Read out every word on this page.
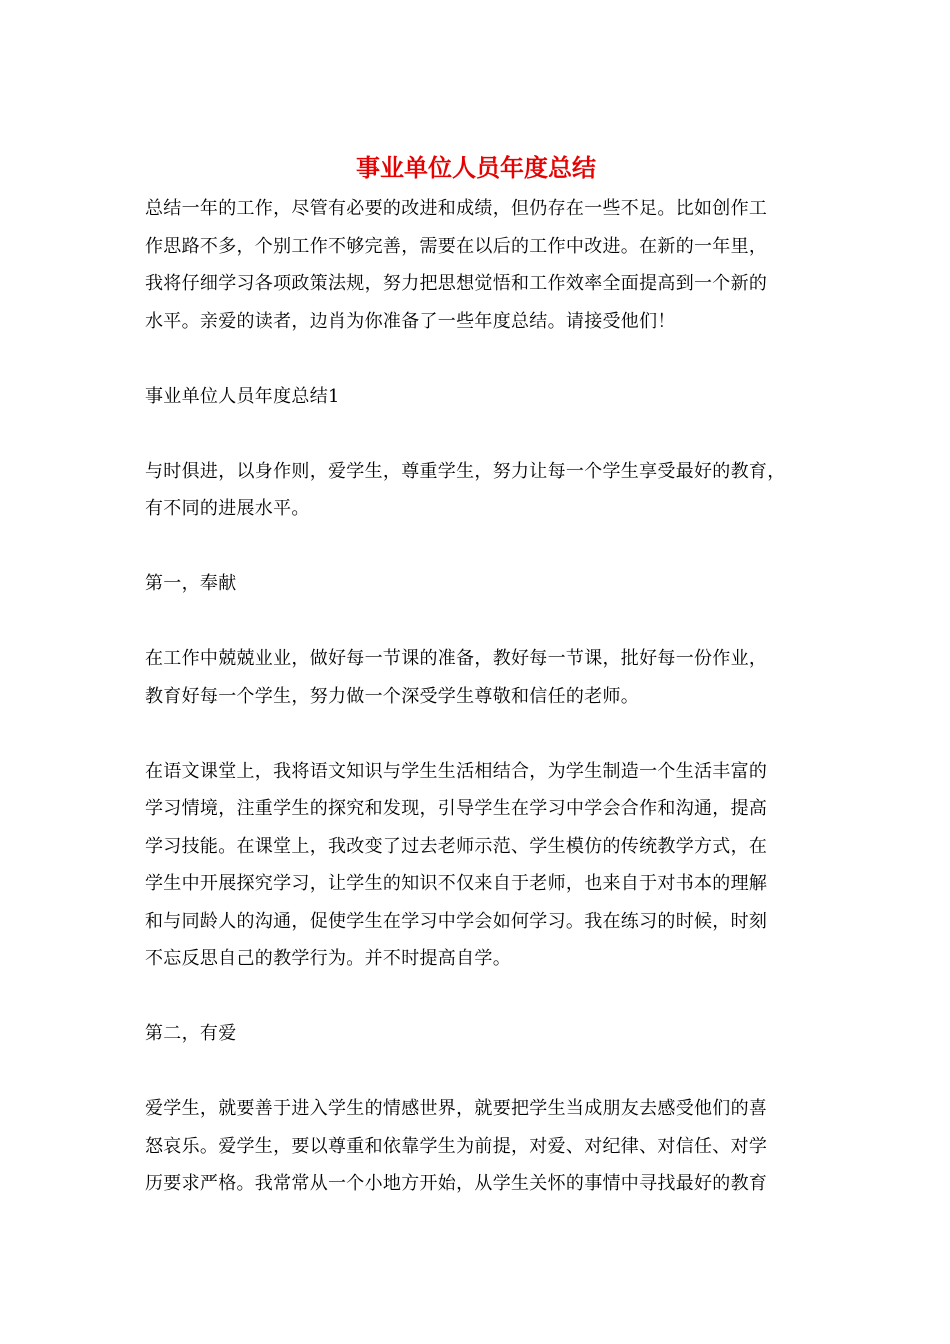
事业单位人员年度总结

总结一年的工作，尽管有必要的改进和成绩，但仍存在一些不足。比如创作工

作思路不多，个别工作不够完善，需要在以后的工作中改进。在新的一年里，

我将仔细学习各项政策法规，努力把思想觉悟和工作效率全面提高到一个新的

水平。亲爱的读者，边肖为你准备了一些年度总结。请接受他们！

事业单位人员年度总结1

与时俱进，以身作则，爱学生，尊重学生，努力让每一个学生享受最好的教育，

有不同的进展水平。

第一，奉献

在工作中兢兢业业，做好每一节课的准备，教好每一节课，批好每一份作业，

教育好每一个学生，努力做一个深受学生尊敬和信任的老师。

在语文课堂上，我将语文知识与学生生活相结合，为学生制造一个生活丰富的

学习情境，注重学生的探究和发现，引导学生在学习中学会合作和沟通，提高

学习技能。在课堂上，我改变了过去老师示范、学生模仿的传统教学方式，在

学生中开展探究学习，让学生的知识不仅来自于老师，也来自于对书本的理解

和与同龄人的沟通，促使学生在学习中学会如何学习。我在练习的时候，时刻

不忘反思自己的教学行为。并不时提高自学。

第二，有爱

爱学生，就要善于进入学生的情感世界，就要把学生当成朋友去感受他们的喜

怒哀乐。爱学生，要以尊重和依靠学生为前提，对爱、对纪律、对信任、对学

历要求严格。我常常从一个小地方开始，从学生关怀的事情中寻找最好的教育
